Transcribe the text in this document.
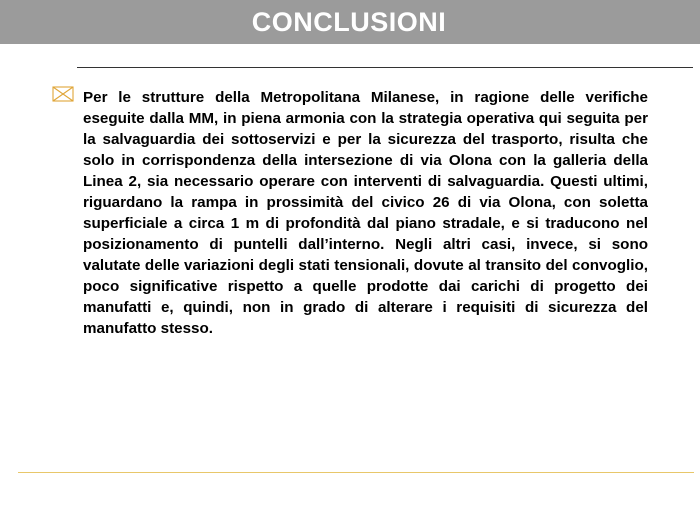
CONCLUSIONI

Per le strutture della Metropolitana Milanese, in ragione delle verifiche eseguite dalla MM, in piena armonia con la strategia operativa qui seguita per la salvaguardia dei sottoservizi e per la sicurezza del trasporto, risulta che solo in corrispondenza della intersezione di via Olona con la galleria della Linea 2, sia necessario operare con interventi di salvaguardia. Questi ultimi, riguardano la rampa in prossimità del civico 26 di via Olona, con soletta superficiale a circa 1 m di profondità dal piano stradale, e si traducono nel posizionamento di puntelli dall’interno. Negli altri casi, invece, si sono valutate delle variazioni degli stati tensionali, dovute al transito del convoglio, poco significative rispetto a quelle prodotte dai carichi di progetto dei manufatti e, quindi, non in grado di alterare i requisiti di sicurezza del manufatto stesso.
